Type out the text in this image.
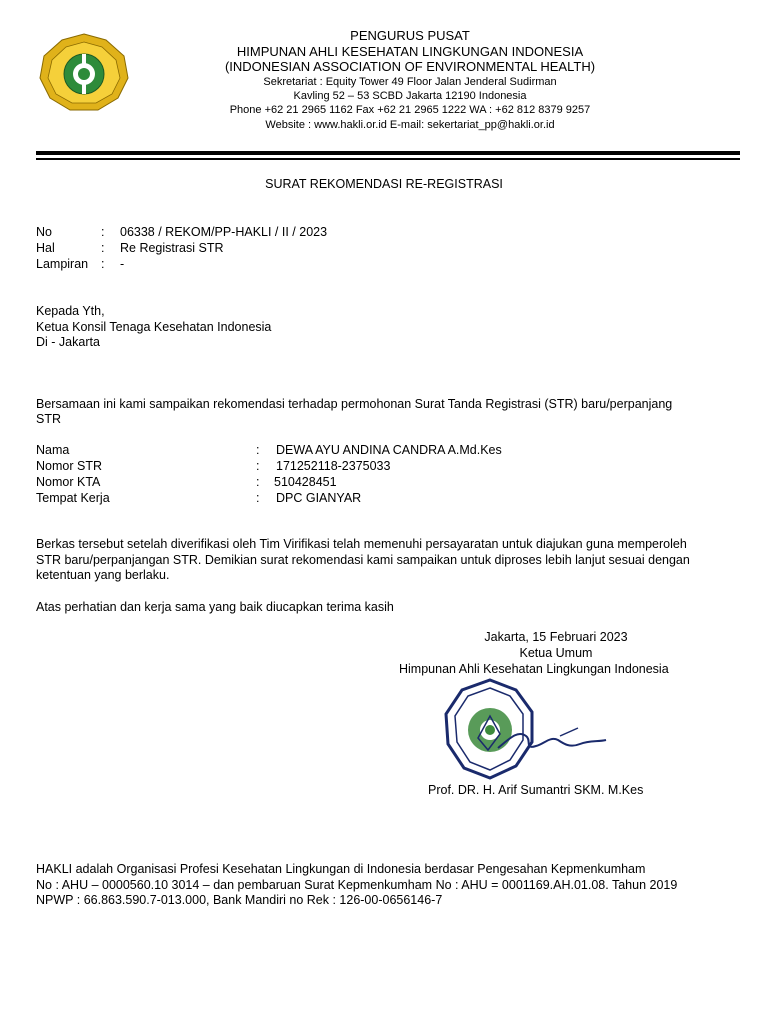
PENGURUS PUSAT
HIMPUNAN AHLI KESEHATAN LINGKUNGAN INDONESIA
(INDONESIAN ASSOCIATION OF ENVIRONMENTAL HEALTH)
Sekretariat : Equity Tower 49 Floor Jalan Jenderal Sudirman
Kavling 52 – 53 SCBD Jakarta 12190 Indonesia
Phone +62 21 2965 1162 Fax +62 21 2965 1222 WA : +62 812 8379 9257
Website : www.hakli.or.id E-mail: sekertariat_pp@hakli.or.id
SURAT REKOMENDASI RE-REGISTRASI
No	: 06338 / REKOM/PP-HAKLI / II / 2023
Hal	: Re Registrasi STR
Lampiran : -
Kepada Yth,
Ketua Konsil Tenaga Kesehatan Indonesia
Di - Jakarta
Bersamaan ini kami sampaikan rekomendasi terhadap permohonan Surat Tanda Registrasi (STR) baru/perpanjang
STR
Nama	: DEWA AYU ANDINA CANDRA A.Md.Kes
Nomor STR	: 171252118-2375033
Nomor KTA	: 510428451
Tempat Kerja	: DPC GIANYAR
Berkas tersebut setelah diverifikasi oleh Tim Virifikasi telah memenuhi persayaratan untuk diajukan guna memperoleh
STR baru/perpanjangan STR. Demikian surat rekomendasi kami sampaikan untuk diproses lebih lanjut sesuai dengan
ketentuan yang berlaku.
Atas perhatian dan kerja sama yang baik diucapkan terima kasih
Jakarta, 15 Februari 2023
Ketua Umum
Himpunan Ahli Kesehatan Lingkungan Indonesia
Prof. DR. H. Arif Sumantri SKM. M.Kes
HAKLI adalah Organisasi Profesi Kesehatan Lingkungan di Indonesia berdasar Pengesahan Kepmenkumham
No : AHU – 0000560.10 3014 – dan pembaruan Surat Kepmenkumham No : AHU = 0001169.AH.01.08. Tahun 2019
NPWP : 66.863.590.7-013.000, Bank Mandiri no Rek : 126-00-0656146-7
